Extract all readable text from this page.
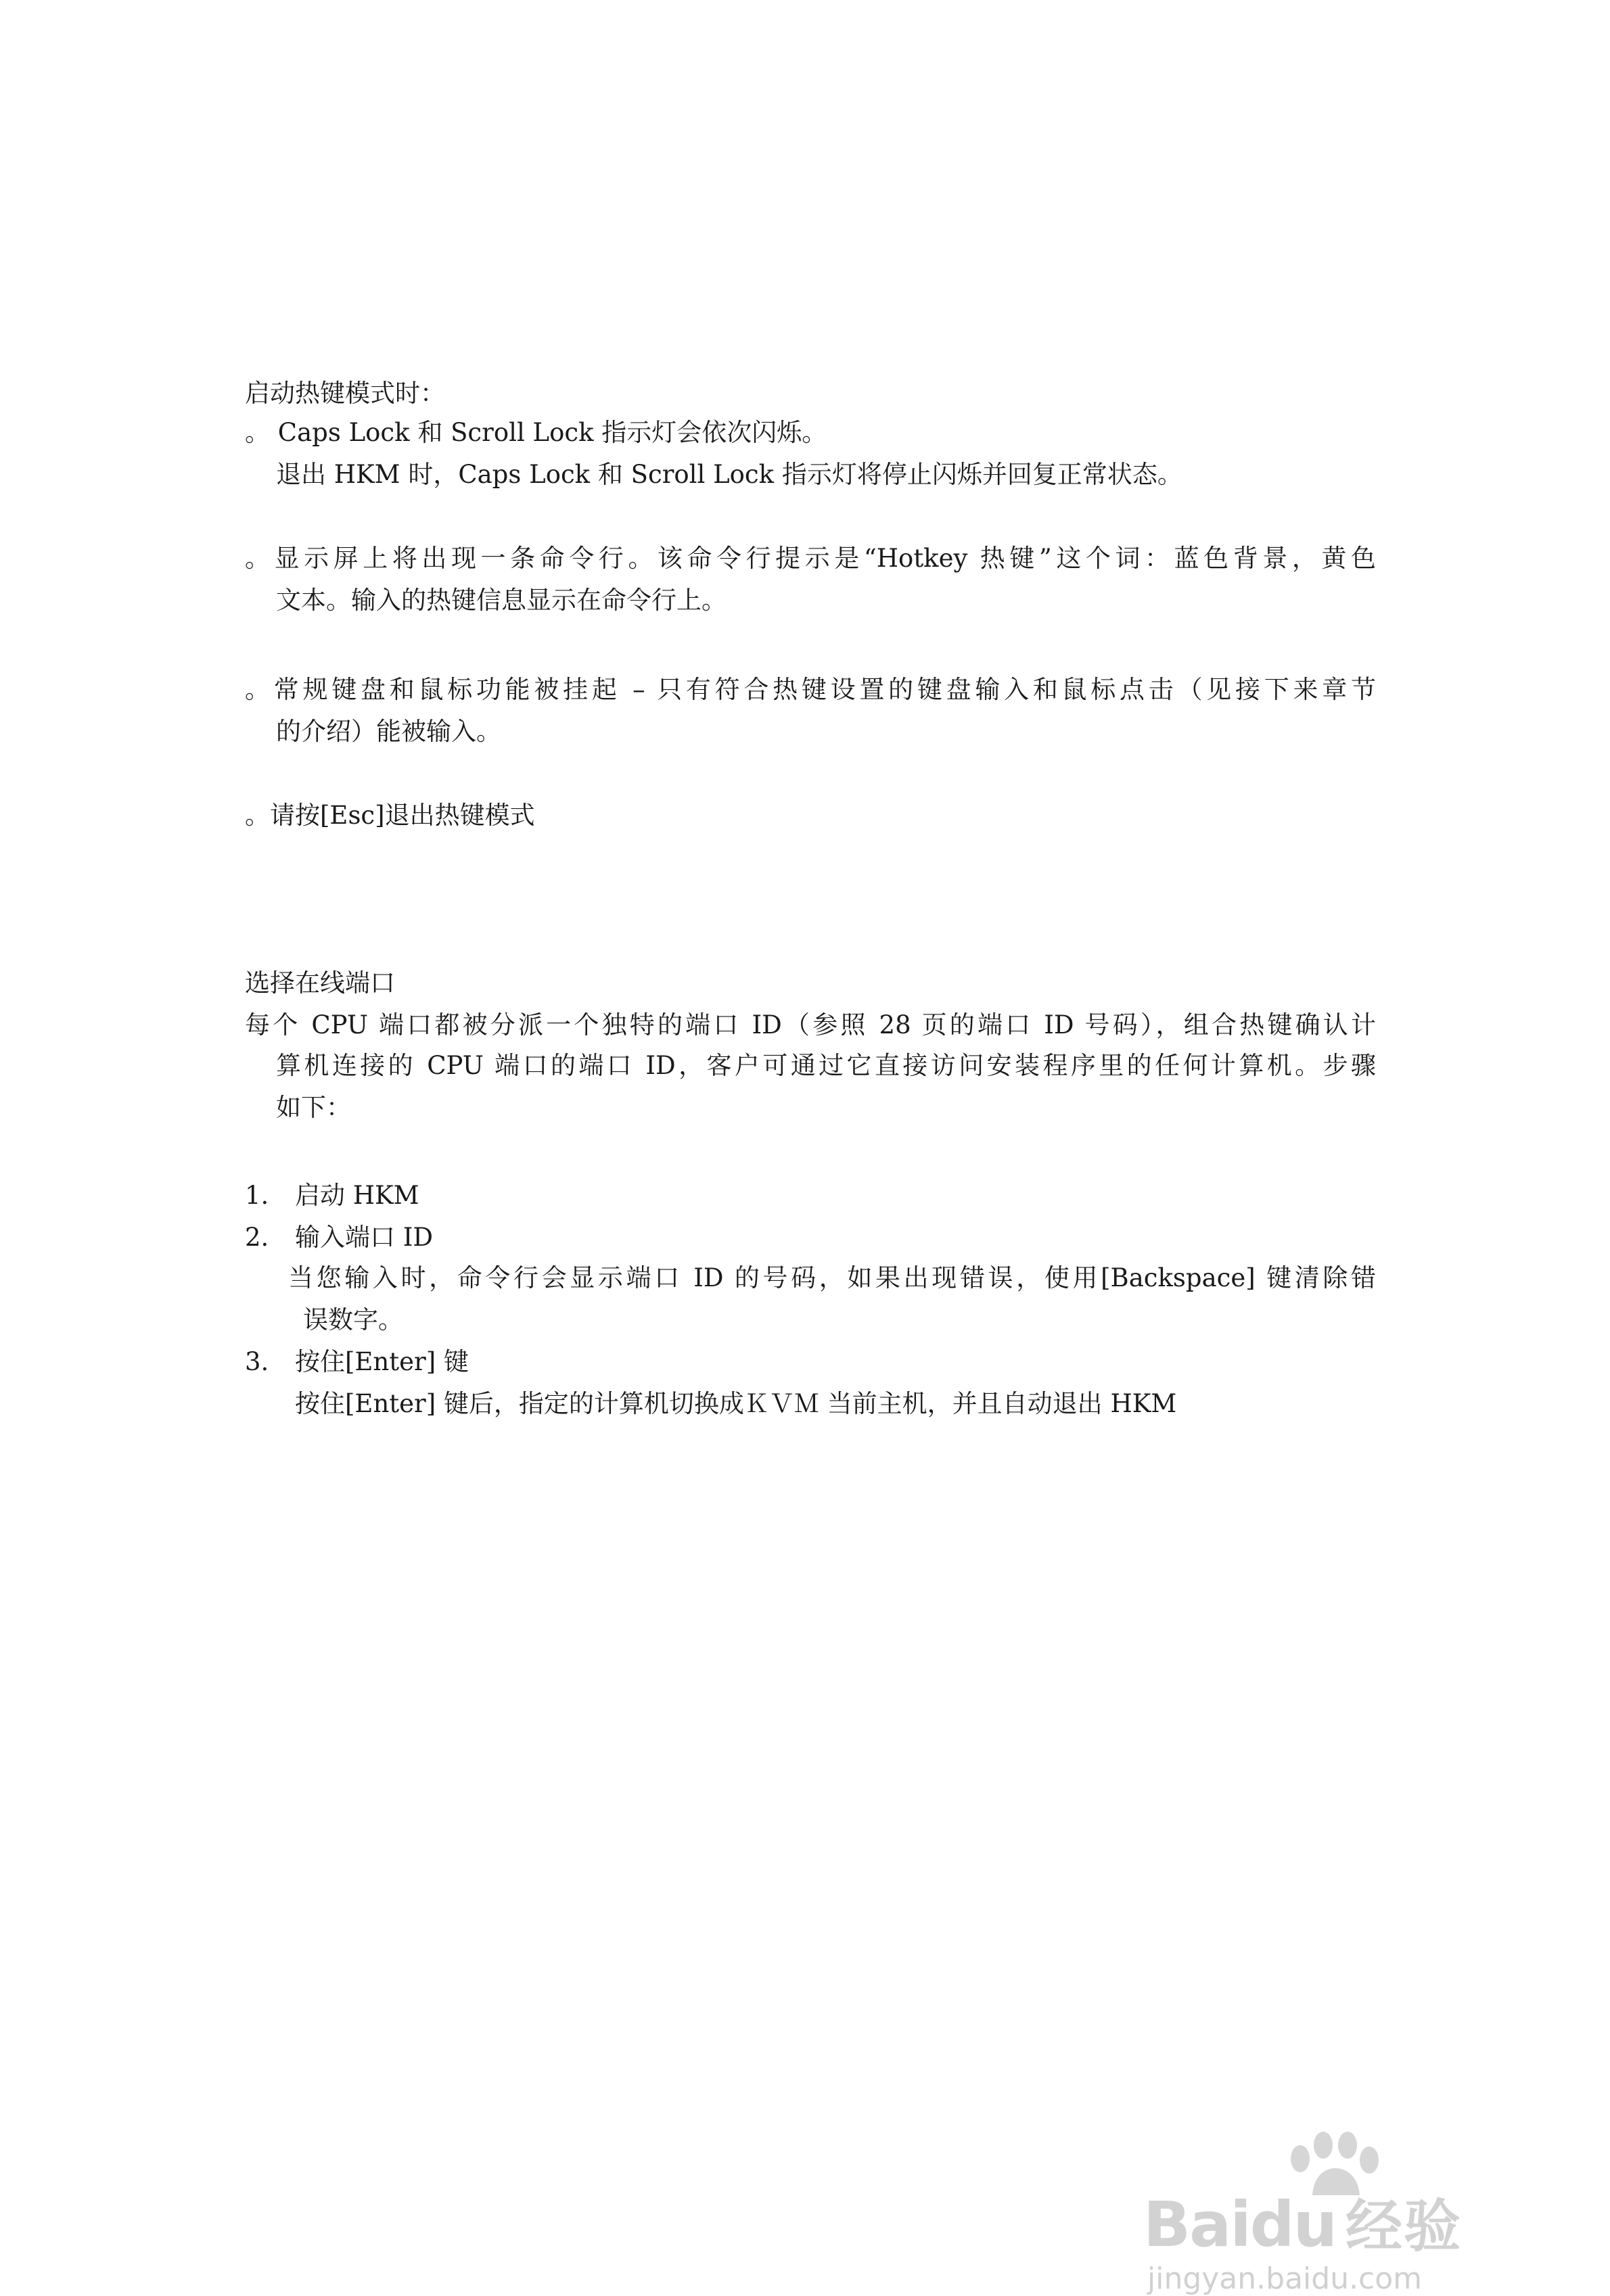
启动热键模式时：
。 Caps Lock 和 Scroll Lock 指示灯会依次闪烁。
退出 HKM 时，Caps Lock 和 Scroll Lock 指示灯将停止闪烁并回复正常状态。
。显示屏上将出现一条命令行。该命令行提示是“Hotkey 热键”这个词：蓝色背景，黄色
文本。输入的热键信息显示在命令行上。
。常规键盘和鼠标功能被挂起 – 只有符合热键设置的键盘输入和鼠标点击（见接下来章节
的介绍）能被输入。
。请按[Esc]退出热键模式
选择在线端口
每个 CPU 端口都被分派一个独特的端口 ID（参照 28 页的端口 ID 号码），组合热键确认计
算机连接的 CPU 端口的端口 ID，客户可通过它直接访问安装程序里的任何计算机。步骤
如下：
1. 启动 HKM
2. 输入端口 ID
当您输入时，命令行会显示端口 ID 的号码，如果出现错误，使用[Backspace] 键清除错
误数字。
3. 按住[Enter] 键
按住[Enter] 键后，指定的计算机切换成ＫＶＭ 当前主机，并且自动退出 HKM
Baidu 经验
jingyan.baidu.com
